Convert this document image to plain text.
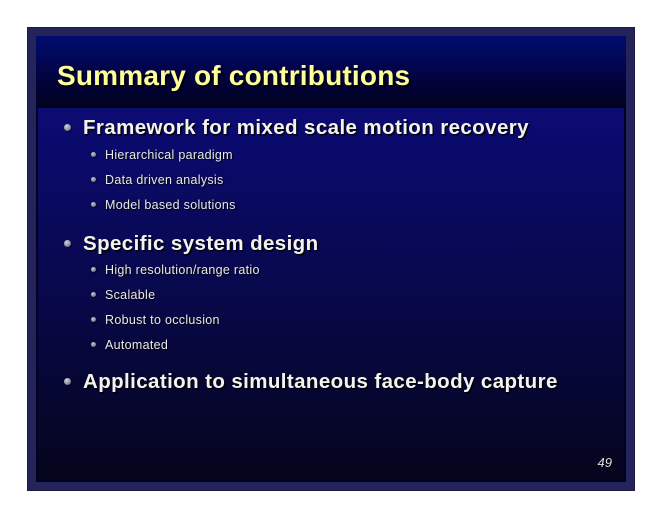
Summary of contributions
Framework for mixed scale motion recovery
Hierarchical paradigm
Data driven analysis
Model based solutions
Specific system design
High resolution/range ratio
Scalable
Robust to occlusion
Automated
Application to simultaneous face-body capture
49
